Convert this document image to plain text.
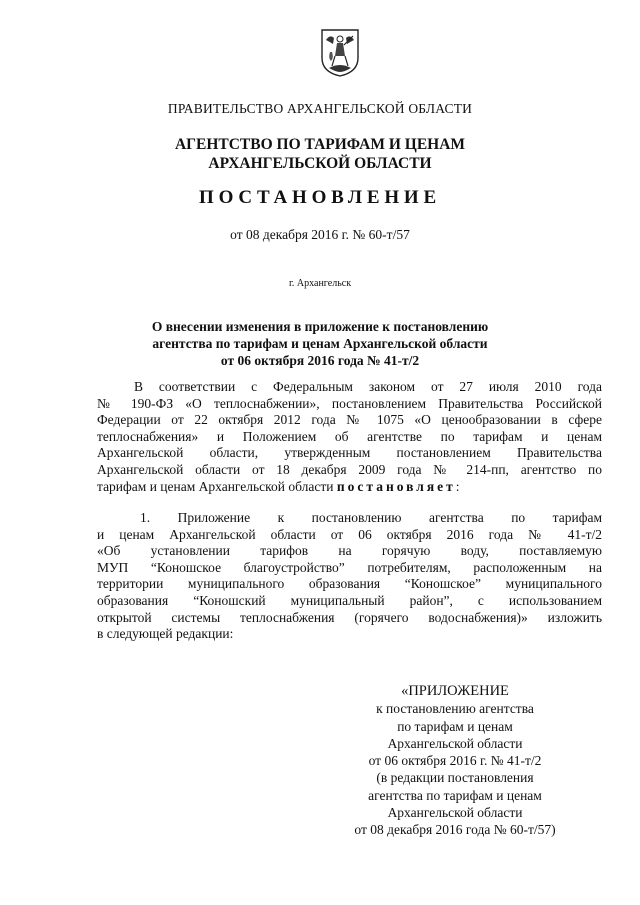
ПРАВИТЕЛЬСТВО АРХАНГЕЛЬСКОЙ ОБЛАСТИ
АГЕНТСТВО ПО ТАРИФАМ И ЦЕНАМ
АРХАНГЕЛЬСКОЙ ОБЛАСТИ
ПОСТАНОВЛЕНИЕ
от 08 декабря 2016 г. № 60-т/57
г. Архангельск
О внесении изменения в приложение к постановлению
агентства по тарифам и ценам Архангельской области
от 06 октября 2016 года № 41-т/2
В соответствии с Федеральным законом от 27 июля 2010 года
№ 190-ФЗ «О теплоснабжении», постановлением Правительства Российской
Федерации от 22 октября 2012 года № 1075 «О ценообразовании в сфере
теплоснабжения» и Положением об агентстве по тарифам и ценам
Архангельской области, утвержденным постановлением Правительства
Архангельской области от 18 декабря 2009 года № 214-пп, агентство по
тарифам и ценам Архангельской области постановляет:
1. Приложение к постановлению агентства по тарифам
и ценам Архангельской области от 06 октября 2016 года № 41-т/2
«Об установлении тарифов на горячую воду, поставляемую
МУП “Коношское благоустройство” потребителям, расположенным на
территории муниципального образования “Коношское” муниципального
образования “Коношский муниципальный район”, с использованием
открытой системы теплоснабжения (горячего водоснабжения)» изложить
в следующей редакции:
«ПРИЛОЖЕНИЕ
к постановлению агентства
по тарифам и ценам
Архангельской области
от 06 октября 2016 г. № 41-т/2
(в редакции постановления
агентства по тарифам и ценам
Архангельской области
от 08 декабря 2016 года № 60-т/57)
